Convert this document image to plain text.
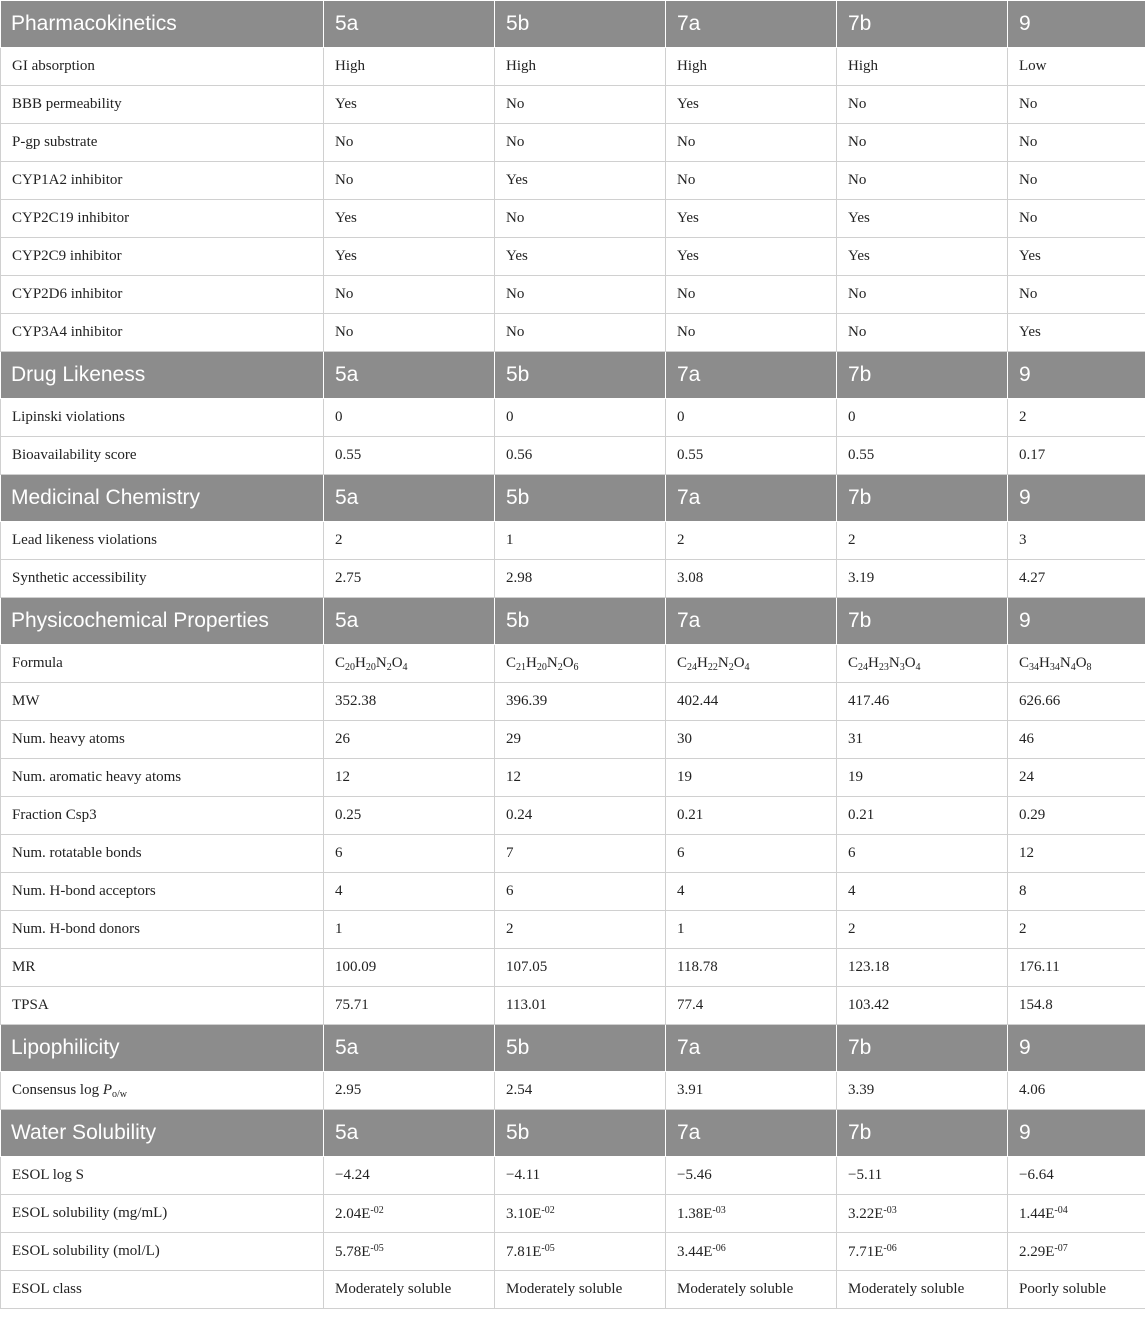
Pharmacokinetics	5a	5b	7a	7b	9
GI absorption	High	High	High	High	Low
BBB permeability	Yes	No	Yes	No	No
P-gp substrate	No	No	No	No	No
CYP1A2 inhibitor	No	Yes	No	No	No
CYP2C19 inhibitor	Yes	No	Yes	Yes	No
CYP2C9 inhibitor	Yes	Yes	Yes	Yes	Yes
CYP2D6 inhibitor	No	No	No	No	No
CYP3A4 inhibitor	No	No	No	No	Yes
Drug Likeness	5a	5b	7a	7b	9
Lipinski violations	0	0	0	0	2
Bioavailability score	0.55	0.56	0.55	0.55	0.17
Medicinal Chemistry	5a	5b	7a	7b	9
Lead likeness violations	2	1	2	2	3
Synthetic accessibility	2.75	2.98	3.08	3.19	4.27
Physicochemical Properties	5a	5b	7a	7b	9
Formula	$C_{20}H_{20}N_2O_4$	$C_{21}H_{20}N_2O_6$	$C_{24}H_{22}N_2O_4$	$C_{24}H_{23}N_3O_4$	$C_{34}H_{34}N_4O_8$
MW	352.38	396.39	402.44	417.46	626.66
Num. heavy atoms	26	29	30	31	46
Num. aromatic heavy atoms	12	12	19	19	24
Fraction Csp3	0.25	0.24	0.21	0.21	0.29
Num. rotatable bonds	6	7	6	6	12
Num. H-bond acceptors	4	6	4	4	8
Num. H-bond donors	1	2	1	2	2
MR	100.09	107.05	118.78	123.18	176.11
TPSA	75.71	113.01	77.4	103.42	154.8
Lipophilicity	5a	5b	7a	7b	9
Consensus $\log P_{o/w}$	2.95	2.54	3.91	3.39	4.06
Water Solubility	5a	5b	7a	7b	9
ESOL log S	−4.24	−4.11	−5.46	−5.11	−6.64
ESOL solubility (mg/mL)	$2.04E^{-02}$	$3.10E^{-02}$	$1.38E^{-03}$	$3.22E^{-03}$	$1.44E^{-04}$
ESOL solubility (mol/L)	$5.78E^{-05}$	$7.81E^{-05}$	$3.44E^{-06}$	$7.71E^{-06}$	$2.29E^{-07}$
ESOL class	Moderately soluble	Moderately soluble	Moderately soluble	Moderately soluble	Poorly soluble
